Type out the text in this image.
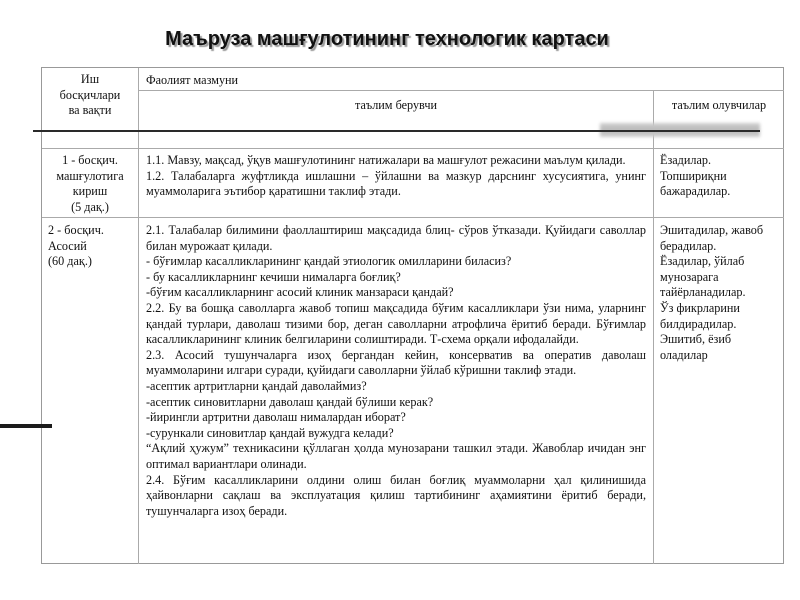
Маъруза машғулотининг технологик картаси
Иш
босқичлари
ва вақти
Фаолият мазмуни
таълим берувчи	таълим олувчилар
1 - босқич.
машғулотига
кириш
(5 дақ.)
1.1. Мавзу, мақсад, ўқув машғулотининг натижалари ва машғулот режасини маълум қилади.
1.2. Талабаларга жуфтликда ишлашни – ўйлашни ва мазкур дарснинг хусусиятига, унинг муаммоларига эътибор қаратишни таклиф этади.
Ёзадилар.
Топшириқни бажарадилар.
2 - босқич.
Асосий
(60 дақ.)
2.1. Талабалар билимини фаоллаштириш мақсадида блиц- сўров ўтказади. Қуйидаги саволлар билан мурожаат қилади.
- бўғимлар касалликларининг қандай этиологик омилларини биласиз?
- бу касалликларнинг кечиши нималарга боғлиқ?
-бўғим касалликларнинг асосий клиник манзараси қандай?
2.2. Бу ва бошқа саволларга жавоб топиш мақсадида бўғим касалликлари ўзи нима, уларнинг қандай турлари, даволаш тизими бор, деган саволларни атрофлича ёритиб беради. Бўғимлар касалликларининг клиник белгиларини солиштиради. Т-схема орқали ифодалайди.
2.3. Асосий тушунчаларга изоҳ бергандан кейин, консерватив ва оператив даволаш муаммоларини илгари суради, қуйидаги саволларни ўйлаб кўришни таклиф этади.
-асептик артритларни қандай даволаймиз?
-асептик синовитларни даволаш қандай бўлиши керак?
-йирингли артритни даволаш нималардан иборат?
-сурункали синовитлар қандай вужудга келади?
“Ақлий ҳужум” техникасини қўллаган ҳолда мунозарани ташкил этади. Жавоблар ичидан энг оптимал вариантлари олинади.
2.4. Бўғим касалликларини олдини олиш билан боғлиқ муаммоларни ҳал қилинишида ҳайвонларни сақлаш ва эксплуатация қилиш тартибининг аҳамиятини ёритиб беради, тушунчаларга изоҳ беради.
Эшитадилар, жавоб берадилар.
Ёзадилар, ўйлаб мунозарага тайёрланадилар.
Ўз фикрларини билдирадилар.
Эшитиб, ёзиб оладилар
